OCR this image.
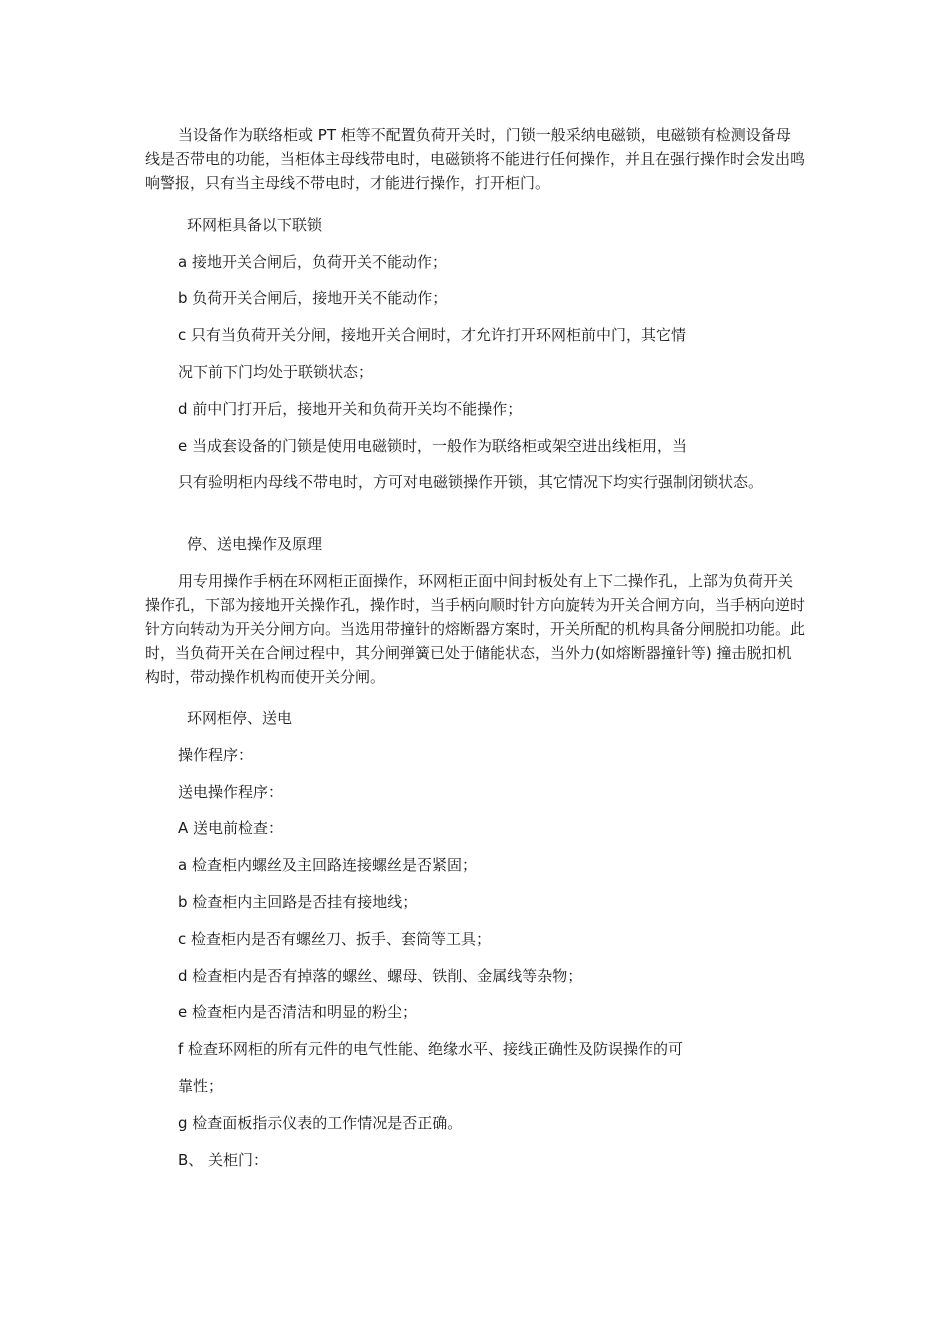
当设备作为联络柜或 PT 柜等不配置负荷开关时，门锁一般采纳电磁锁，电磁锁有检测设备母线是否带电的功能，当柜体主母线带电时，电磁锁将不能进行任何操作，并且在强行操作时会发出鸣响警报，只有当主母线不带电时，才能进行操作，打开柜门。

环网柜具备以下联锁

a 接地开关合闸后，负荷开关不能动作；

b 负荷开关合闸后，接地开关不能动作；

c 只有当负荷开关分闸，接地开关合闸时，才允许打开环网柜前中门，其它情

况下前下门均处于联锁状态；

d 前中门打开后，接地开关和负荷开关均不能操作；

e 当成套设备的门锁是使用电磁锁时，一般作为联络柜或架空进出线柜用，当

只有验明柜内母线不带电时，方可对电磁锁操作开锁，其它情况下均实行强制闭锁状态。

停、送电操作及原理

用专用操作手柄在环网柜正面操作，环网柜正面中间封板处有上下二操作孔，上部为负荷开关操作孔，下部为接地开关操作孔，操作时，当手柄向顺时针方向旋转为开关合闸方向，当手柄向逆时针方向转动为开关分闸方向。当选用带撞针的熔断器方案时，开关所配的机构具备分闸脱扣功能。此时，当负荷开关在合闸过程中，其分闸弹簧已处于储能状态，当外力(如熔断器撞针等) 撞击脱扣机构时，带动操作机构而使开关分闸。

环网柜停、送电

操作程序：

送电操作程序：

A 送电前检查：

a 检查柜内螺丝及主回路连接螺丝是否紧固；

b 检查柜内主回路是否挂有接地线；

c 检查柜内是否有螺丝刀、扳手、套筒等工具；

d 检查柜内是否有掉落的螺丝、螺母、铁削、金属线等杂物；

e 检查柜内是否清洁和明显的粉尘；

f 检查环网柜的所有元件的电气性能、绝缘水平、接线正确性及防误操作的可

靠性；

g 检查面板指示仪表的工作情况是否正确。

B、 关柜门：
